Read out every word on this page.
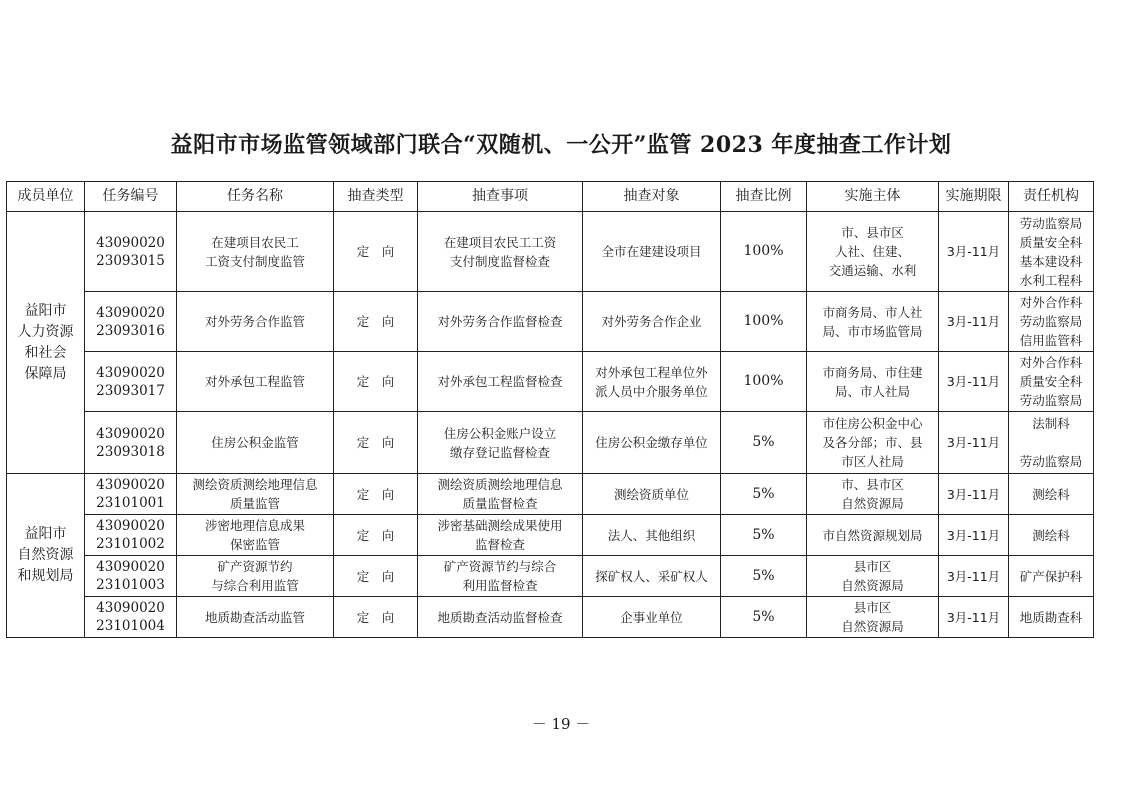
益阳市市场监管领域部门联合“双随机、一公开”监管 2023 年度抽查工作计划
成员单位	任务编号	任务名称	抽查类型	抽查事项	抽查对象	抽查比例	实施主体	实施期限	责任机构
益阳市
人力资源
和社会
保障局	43090020
23093015	在建项目农民工
工资支付制度监管	定　向	在建项目农民工工资
支付制度监督检查	全市在建建设项目	100%	市、县市区
人社、住建、
交通运输、水利	3月-11月	劳动监察局
质量安全科
基本建设科
水利工程科
	43090020
23093016	对外劳务合作监管	定　向	对外劳务合作监督检查	对外劳务合作企业	100%	市商务局、市人社
局、市市场监管局	3月-11月	对外合作科
劳动监察局
信用监管科
	43090020
23093017	对外承包工程监管	定　向	对外承包工程监督检查	对外承包工程单位外
派人员中介服务单位	100%	市商务局、市住建
局、市人社局	3月-11月	对外合作科
质量安全科
劳动监察局
	43090020
23093018	住房公积金监管	定　向	住房公积金账户设立
缴存登记监督检查	住房公积金缴存单位	5%	市住房公积金中心
及各分部；市、县
市区人社局	3月-11月	法制科

劳动监察局
益阳市
自然资源
和规划局	43090020
23101001	测绘资质测绘地理信息
质量监管	定　向	测绘资质测绘地理信息
质量监督检查	测绘资质单位	5%	市、县市区
自然资源局	3月-11月	测绘科
	43090020
23101002	涉密地理信息成果
保密监管	定　向	涉密基础测绘成果使用
监督检查	法人、其他组织	5%	市自然资源规划局	3月-11月	测绘科
	43090020
23101003	矿产资源节约
与综合利用监管	定　向	矿产资源节约与综合
利用监督检查	探矿权人、采矿权人	5%	县市区
自然资源局	3月-11月	矿产保护科
	43090020
23101004	地质勘查活动监管	定　向	地质勘查活动监督检查	企事业单位	5%	县市区
自然资源局	3月-11月	地质勘查科
－ 19 －
